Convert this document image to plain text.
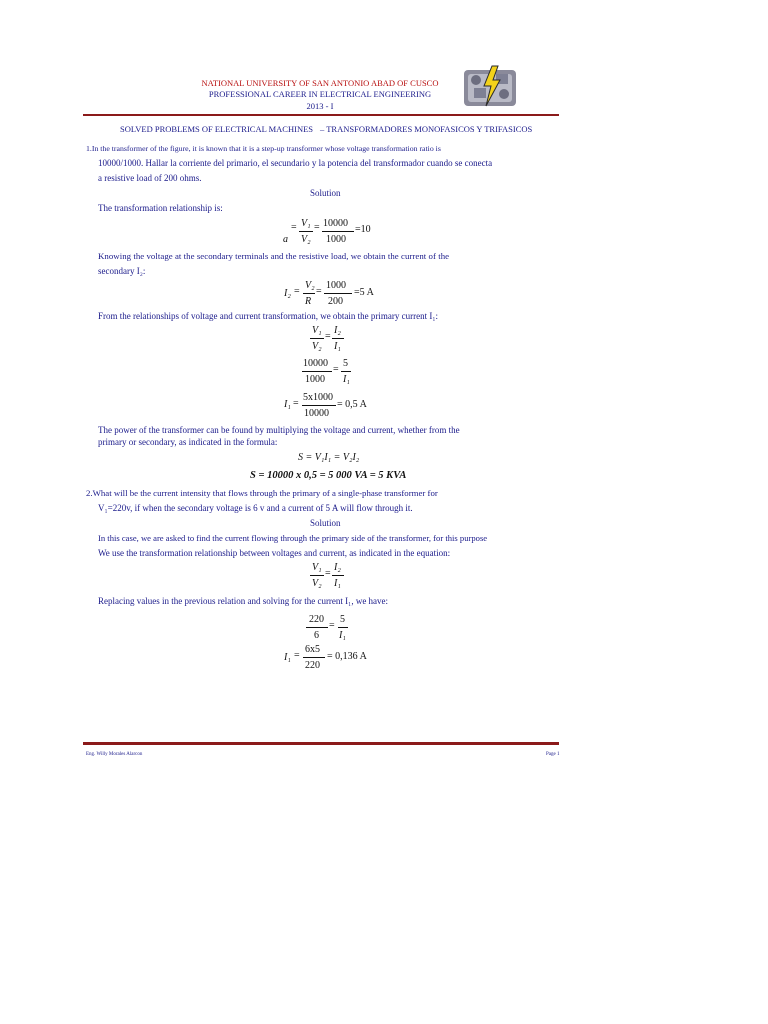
NATIONAL UNIVERSITY OF SAN ANTONIO ABAD OF CUSCO
PROFESSIONAL CAREER IN ELECTRICAL ENGINEERING
2013 - I
SOLVED PROBLEMS OF ELECTRICAL MACHINES – TRANSFORMADORES MONOFASICOS Y TRIFASICOS
1.In the transformer of the figure, it is known that it is a step-up transformer whose voltage transformation ratio is
10000/1000. Hallar la corriente del primario, el secundario y la potencia del transformador cuando se conecta
a resistive load of 200 ohms.
Solution
The transformation relationship is:
=
a
V₁
V₂
= 10000
1000
=10
Knowing the voltage at the secondary terminals and the resistive load, we obtain the current of the
secondary I₂:
I₂ =
V₂
R
=
1000
200
=5 A
From the relationships of voltage and current transformation, we obtain the primary current I₁:
V₁
V₂
=
I₂
I₁
10000
1000
=
5
I₁
I₁ =
5x1000
10000
= 0,5 A
The power of the transformer can be found by multiplying the voltage and current, whether from the
primary or secondary, as indicated in the formula:
S = V₁I₁ = V₂I₂
S = 10000 x 0,5 = 5 000 VA = 5 KVA
2.What will be the current intensity that flows through the primary of a single-phase transformer for
V₁=220v, if when the secondary voltage is 6 v and a current of 5 A will flow through it.
Solution
In this case, we are asked to find the current flowing through the primary side of the transformer, for this purpose
We use the transformation relationship between voltages and current, as indicated in the equation:
V₁
V₂
=
I₂
I₁
Replacing values in the previous relation and solving for the current I₁, we have:
220
6
=
5
I₁
I₁ =
6x5
220
= 0,136 A
Eng. Willy Morales Alarcon	Page 1
